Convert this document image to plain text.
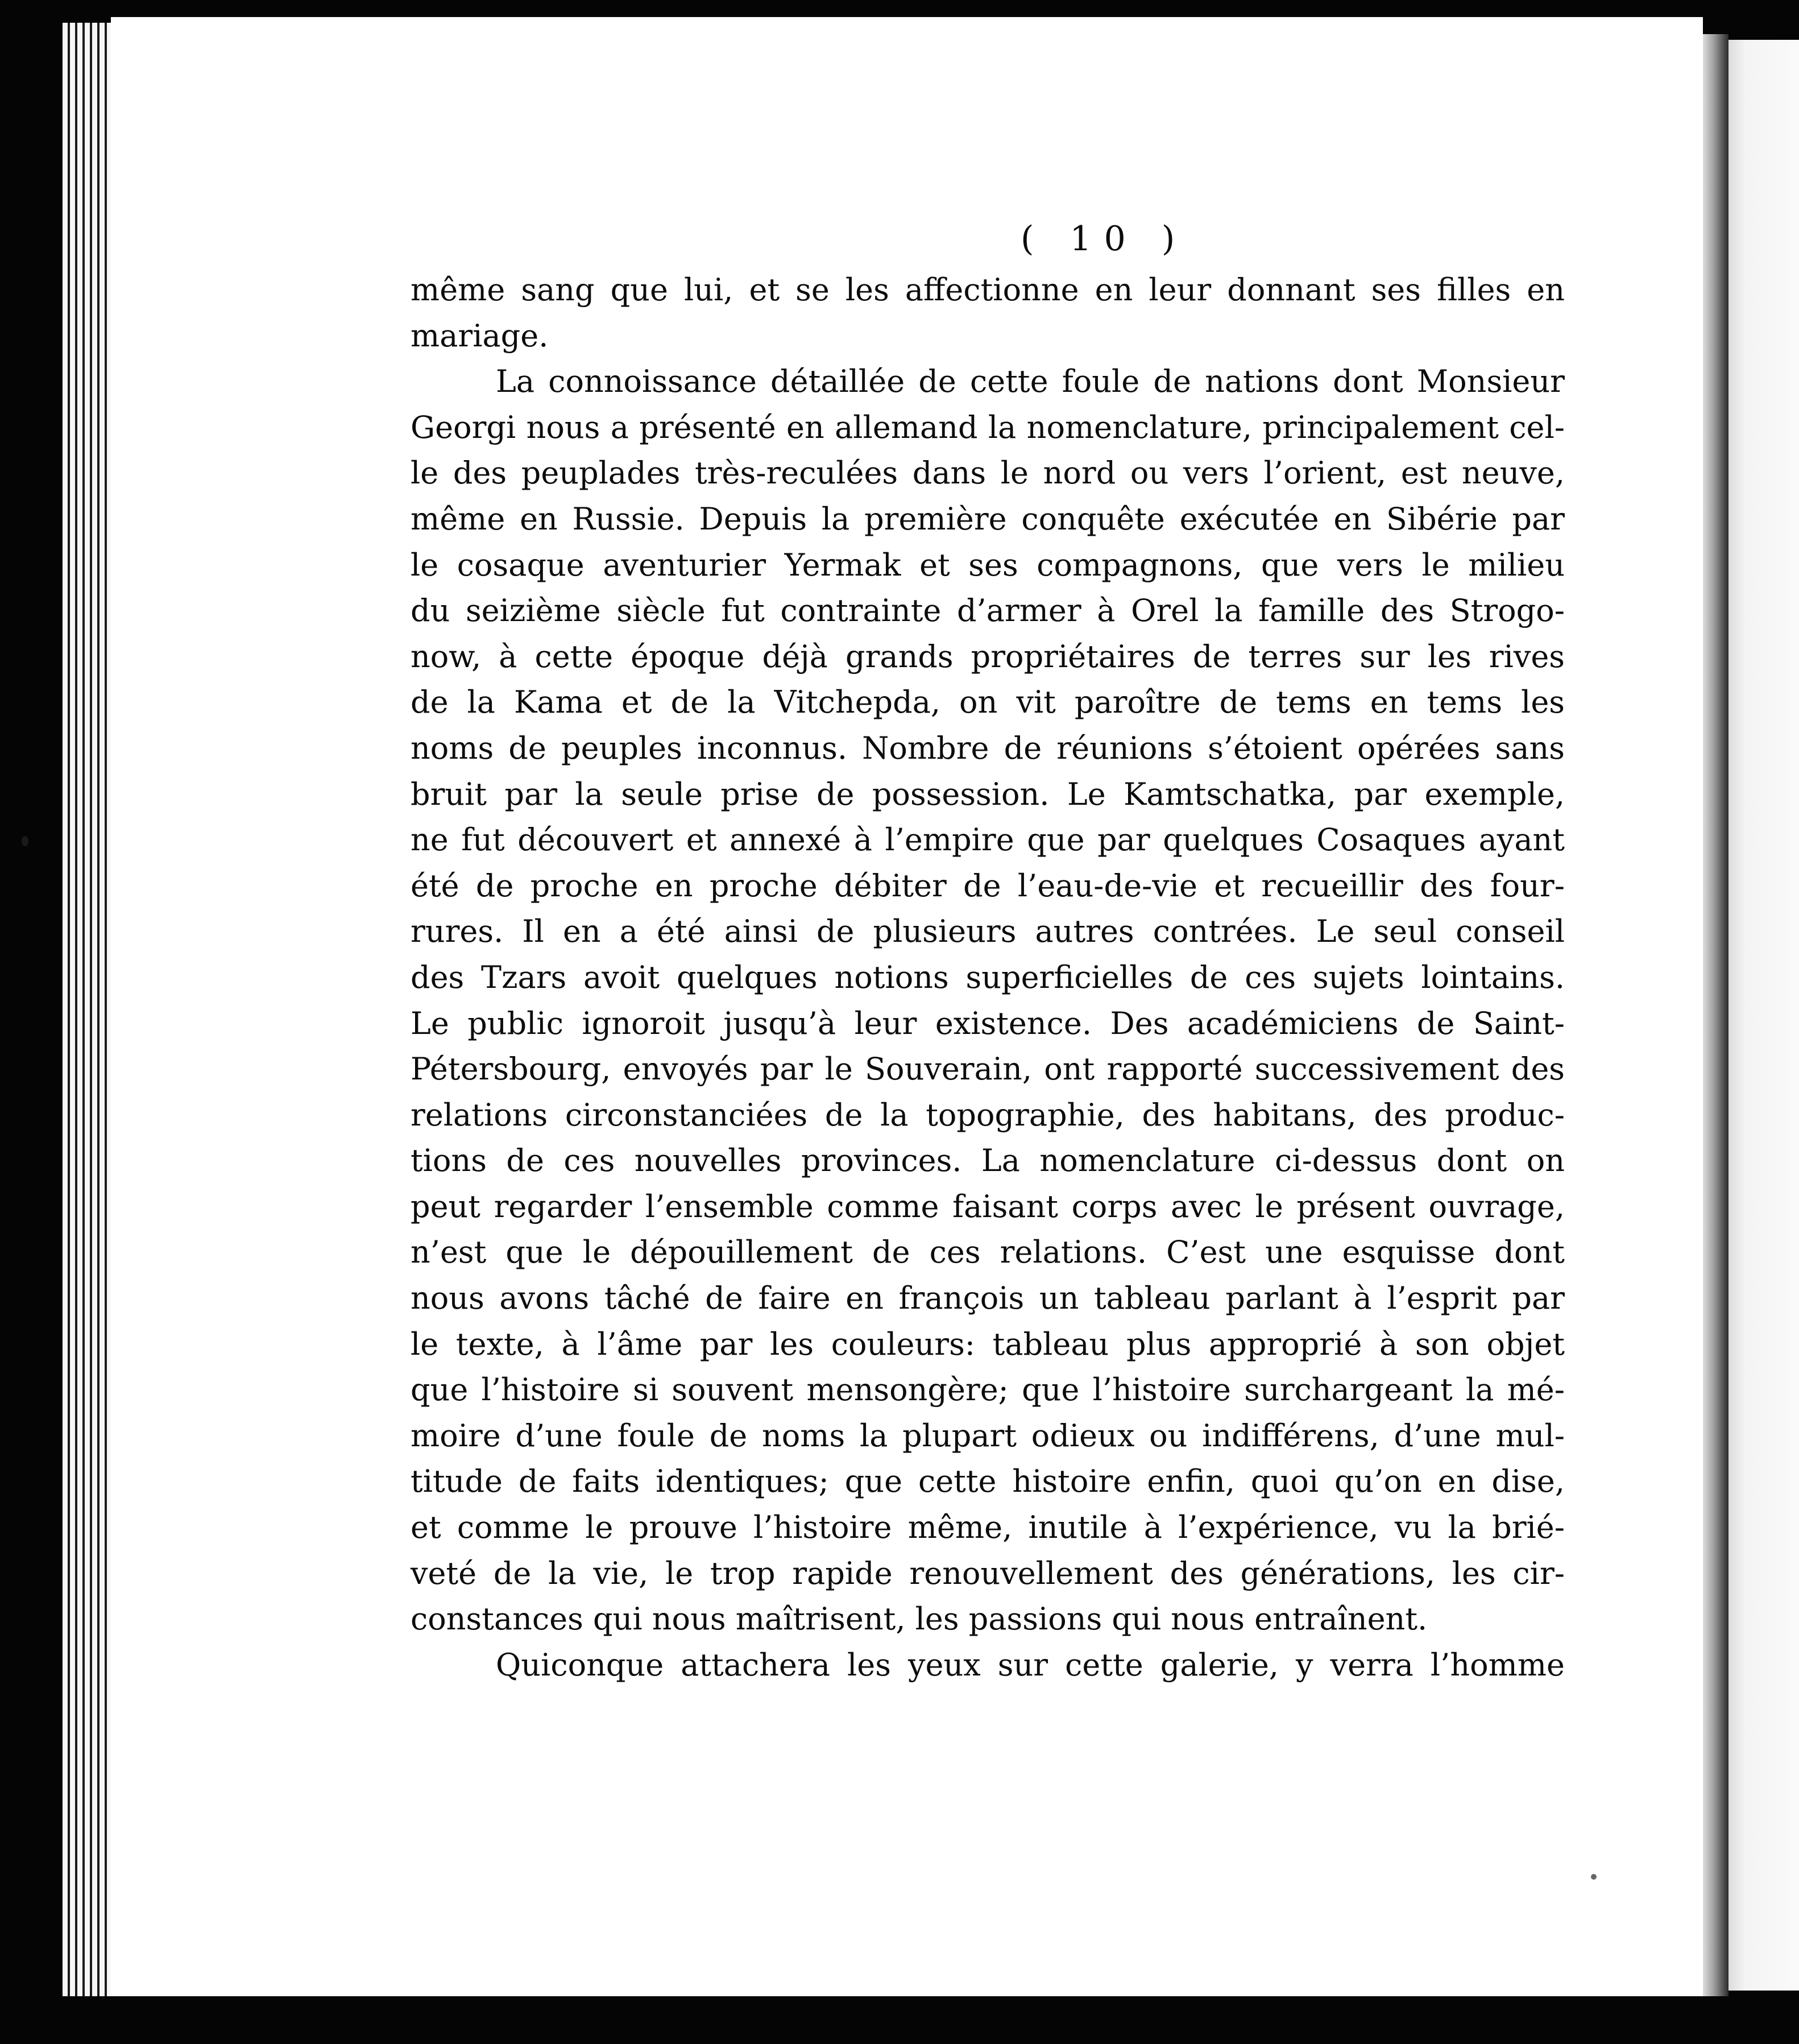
( 10 )
même sang que lui, et se les affectionne en leur donnant ses filles en
mariage.
La connoissance détaillée de cette foule de nations dont Monsieur
Georgi nous a présenté en allemand la nomenclature, principalement cel-
le des peuplades très-reculées dans le nord ou vers l’orient, est neuve,
même en Russie. Depuis la première conquête exécutée en Sibérie par
le cosaque aventurier Yermak et ses compagnons, que vers le milieu
du seizième siècle fut contrainte d’armer à Orel la famille des Strogo-
now, à cette époque déjà grands propriétaires de terres sur les rives
de la Kama et de la Vitchepda, on vit paroître de tems en tems les
noms de peuples inconnus. Nombre de réunions s’étoient opérées sans
bruit par la seule prise de possession. Le Kamtschatka, par exemple,
ne fut découvert et annexé à l’empire que par quelques Cosaques ayant
été de proche en proche débiter de l’eau-de-vie et recueillir des four-
rures. Il en a été ainsi de plusieurs autres contrées. Le seul conseil
des Tzars avoit quelques notions superficielles de ces sujets lointains.
Le public ignoroit jusqu’à leur existence. Des académiciens de Saint-
Pétersbourg, envoyés par le Souverain, ont rapporté successivement des
relations circonstanciées de la topographie, des habitans, des produc-
tions de ces nouvelles provinces. La nomenclature ci-dessus dont on
peut regarder l’ensemble comme faisant corps avec le présent ouvrage,
n’est que le dépouillement de ces relations. C’est une esquisse dont
nous avons tâché de faire en françois un tableau parlant à l’esprit par
le texte, à l’âme par les couleurs: tableau plus approprié à son objet
que l’histoire si souvent mensongère; que l’histoire surchargeant la mé-
moire d’une foule de noms la plupart odieux ou indifférens, d’une mul-
titude de faits identiques; que cette histoire enfin, quoi qu’on en dise,
et comme le prouve l’histoire même, inutile à l’expérience, vu la brié-
veté de la vie, le trop rapide renouvellement des générations, les cir-
constances qui nous maîtrisent, les passions qui nous entraînent.
Quiconque attachera les yeux sur cette galerie, y verra l’homme
